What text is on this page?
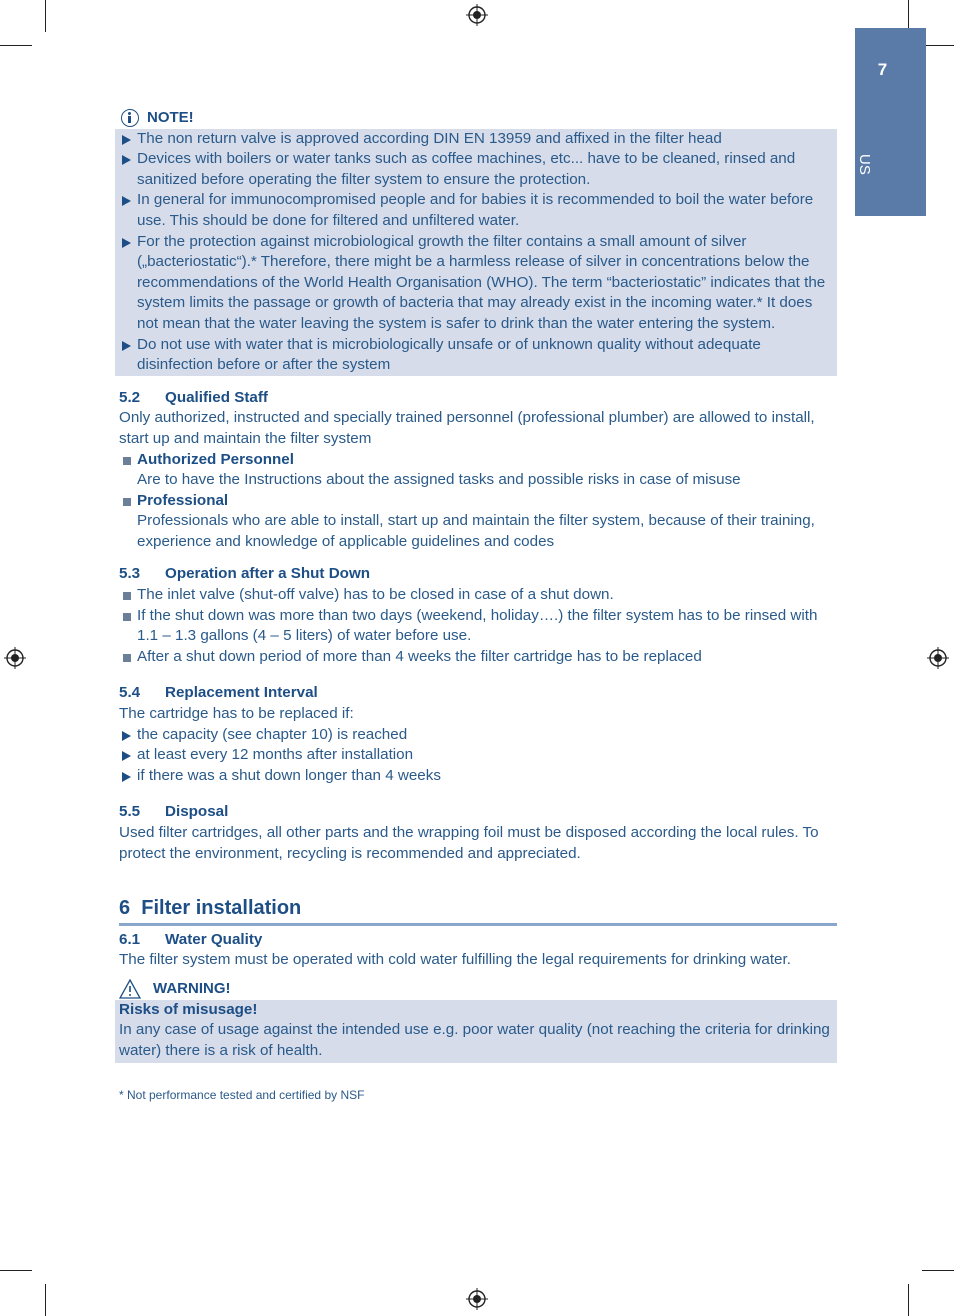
7
US
NOTE!
The non return valve is approved according DIN EN 13959 and affixed in the filter head
Devices with boilers or water tanks such as coffee machines, etc... have to be cleaned, rinsed and sanitized before operating the filter system to ensure the protection.
In general for immunocompromised people and for babies it is recommended to boil the water before use. This should be done for filtered and unfiltered water.
For the protection against microbiological growth the filter contains a small amount of silver („bacteriostatic“).* Therefore, there might be a harmless release of silver in concentrations below the recommendations of the World Health Organisation (WHO). The term “bacteriostatic” indicates that the system limits the passage or growth of bacteria that may already exist in the incoming water.* It does not mean that the water leaving the system is safer to drink than the water entering the system.
Do not use with water that is microbiologically unsafe or of unknown quality without adequate disinfection before or after the system
5.2 Qualified Staff
Only authorized, instructed and specially trained personnel (professional plumber) are allowed to install, start up and maintain the filter system
Authorized Personnel
Are to have the Instructions about the assigned tasks and possible risks in case of misuse
Professional
Professionals who are able to install, start up and maintain the filter system, because of their training, experience and knowledge of applicable guidelines and codes
5.3 Operation after a Shut Down
The inlet valve (shut-off valve) has to be closed in case of a shut down.
If the shut down was more than two days (weekend, holiday….) the filter system has to be rinsed with 1.1 – 1.3 gallons (4 – 5 liters) of water before use.
After a shut down period of more than 4 weeks the filter cartridge has to be replaced
5.4 Replacement Interval
The cartridge has to be replaced if:
the capacity (see chapter 10) is reached
at least every 12 months after installation
if there was a shut down longer than 4 weeks
5.5 Disposal
Used filter cartridges, all other parts and the wrapping foil must be disposed according the local rules. To protect the environment, recycling is recommended and appreciated.
6 Filter installation
6.1 Water Quality
The filter system must be operated with cold water fulfilling the legal requirements for drinking water.
WARNING!
Risks of misusage!
In any case of usage against the intended use e.g. poor water quality (not reaching the criteria for drinking water) there is a risk of health.
* Not performance tested and certified by NSF
